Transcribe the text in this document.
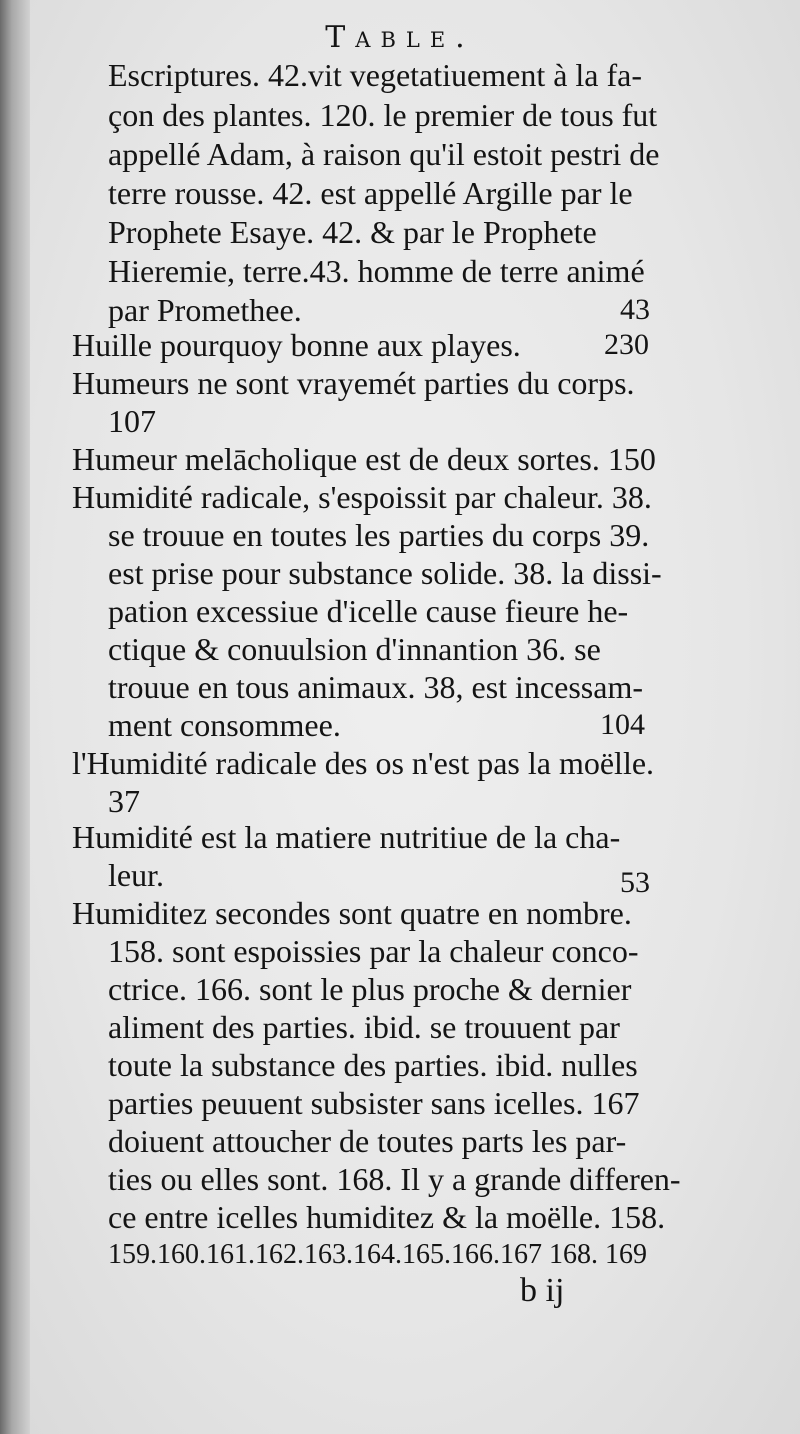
Table.
Escriptures. 42.vit vegetatiuement à la fa-
çon des plantes. 120. le premier de tous fut
appellé Adam, à raison qu'il estoit pestri de
terre rousse. 42. est appellé Argille par le
Prophete Esaye. 42. & par le Prophete
Hieremie, terre.43. homme de terre animé
par Promethee.	43
Huille pourquoy bonne aux playes.	230
Humeurs ne sont vrayemét parties du corps.
107
Humeur melācholique est de deux sortes. 150
Humidité radicale, s'espoissit par chaleur. 38.
se trouue en toutes les parties du corps 39.
est prise pour substance solide. 38. la dissi-
pation excessiue d'icelle cause fieure he-
ctique & conuulsion d'innantion 36. se
trouue en tous animaux. 38, est incessam-
ment consommee.	104
l'Humidité radicale des os n'est pas la moëlle.
37
Humidité est la matiere nutritiue de la cha-
leur.	53
Humiditez secondes sont quatre en nombre.
158. sont espoissies par la chaleur conco-
ctrice. 166. sont le plus proche & dernier
aliment des parties. ibid. se trouuent par
toute la substance des parties. ibid. nulles
parties peuuent subsister sans icelles. 167
doiuent attoucher de toutes parts les par-
ties ou elles sont. 168. Il y a grande differen-
ce entre icelles humiditez & la moëlle. 158.
159.160.161.162.163.164.165.166.167 168. 169
b ij
